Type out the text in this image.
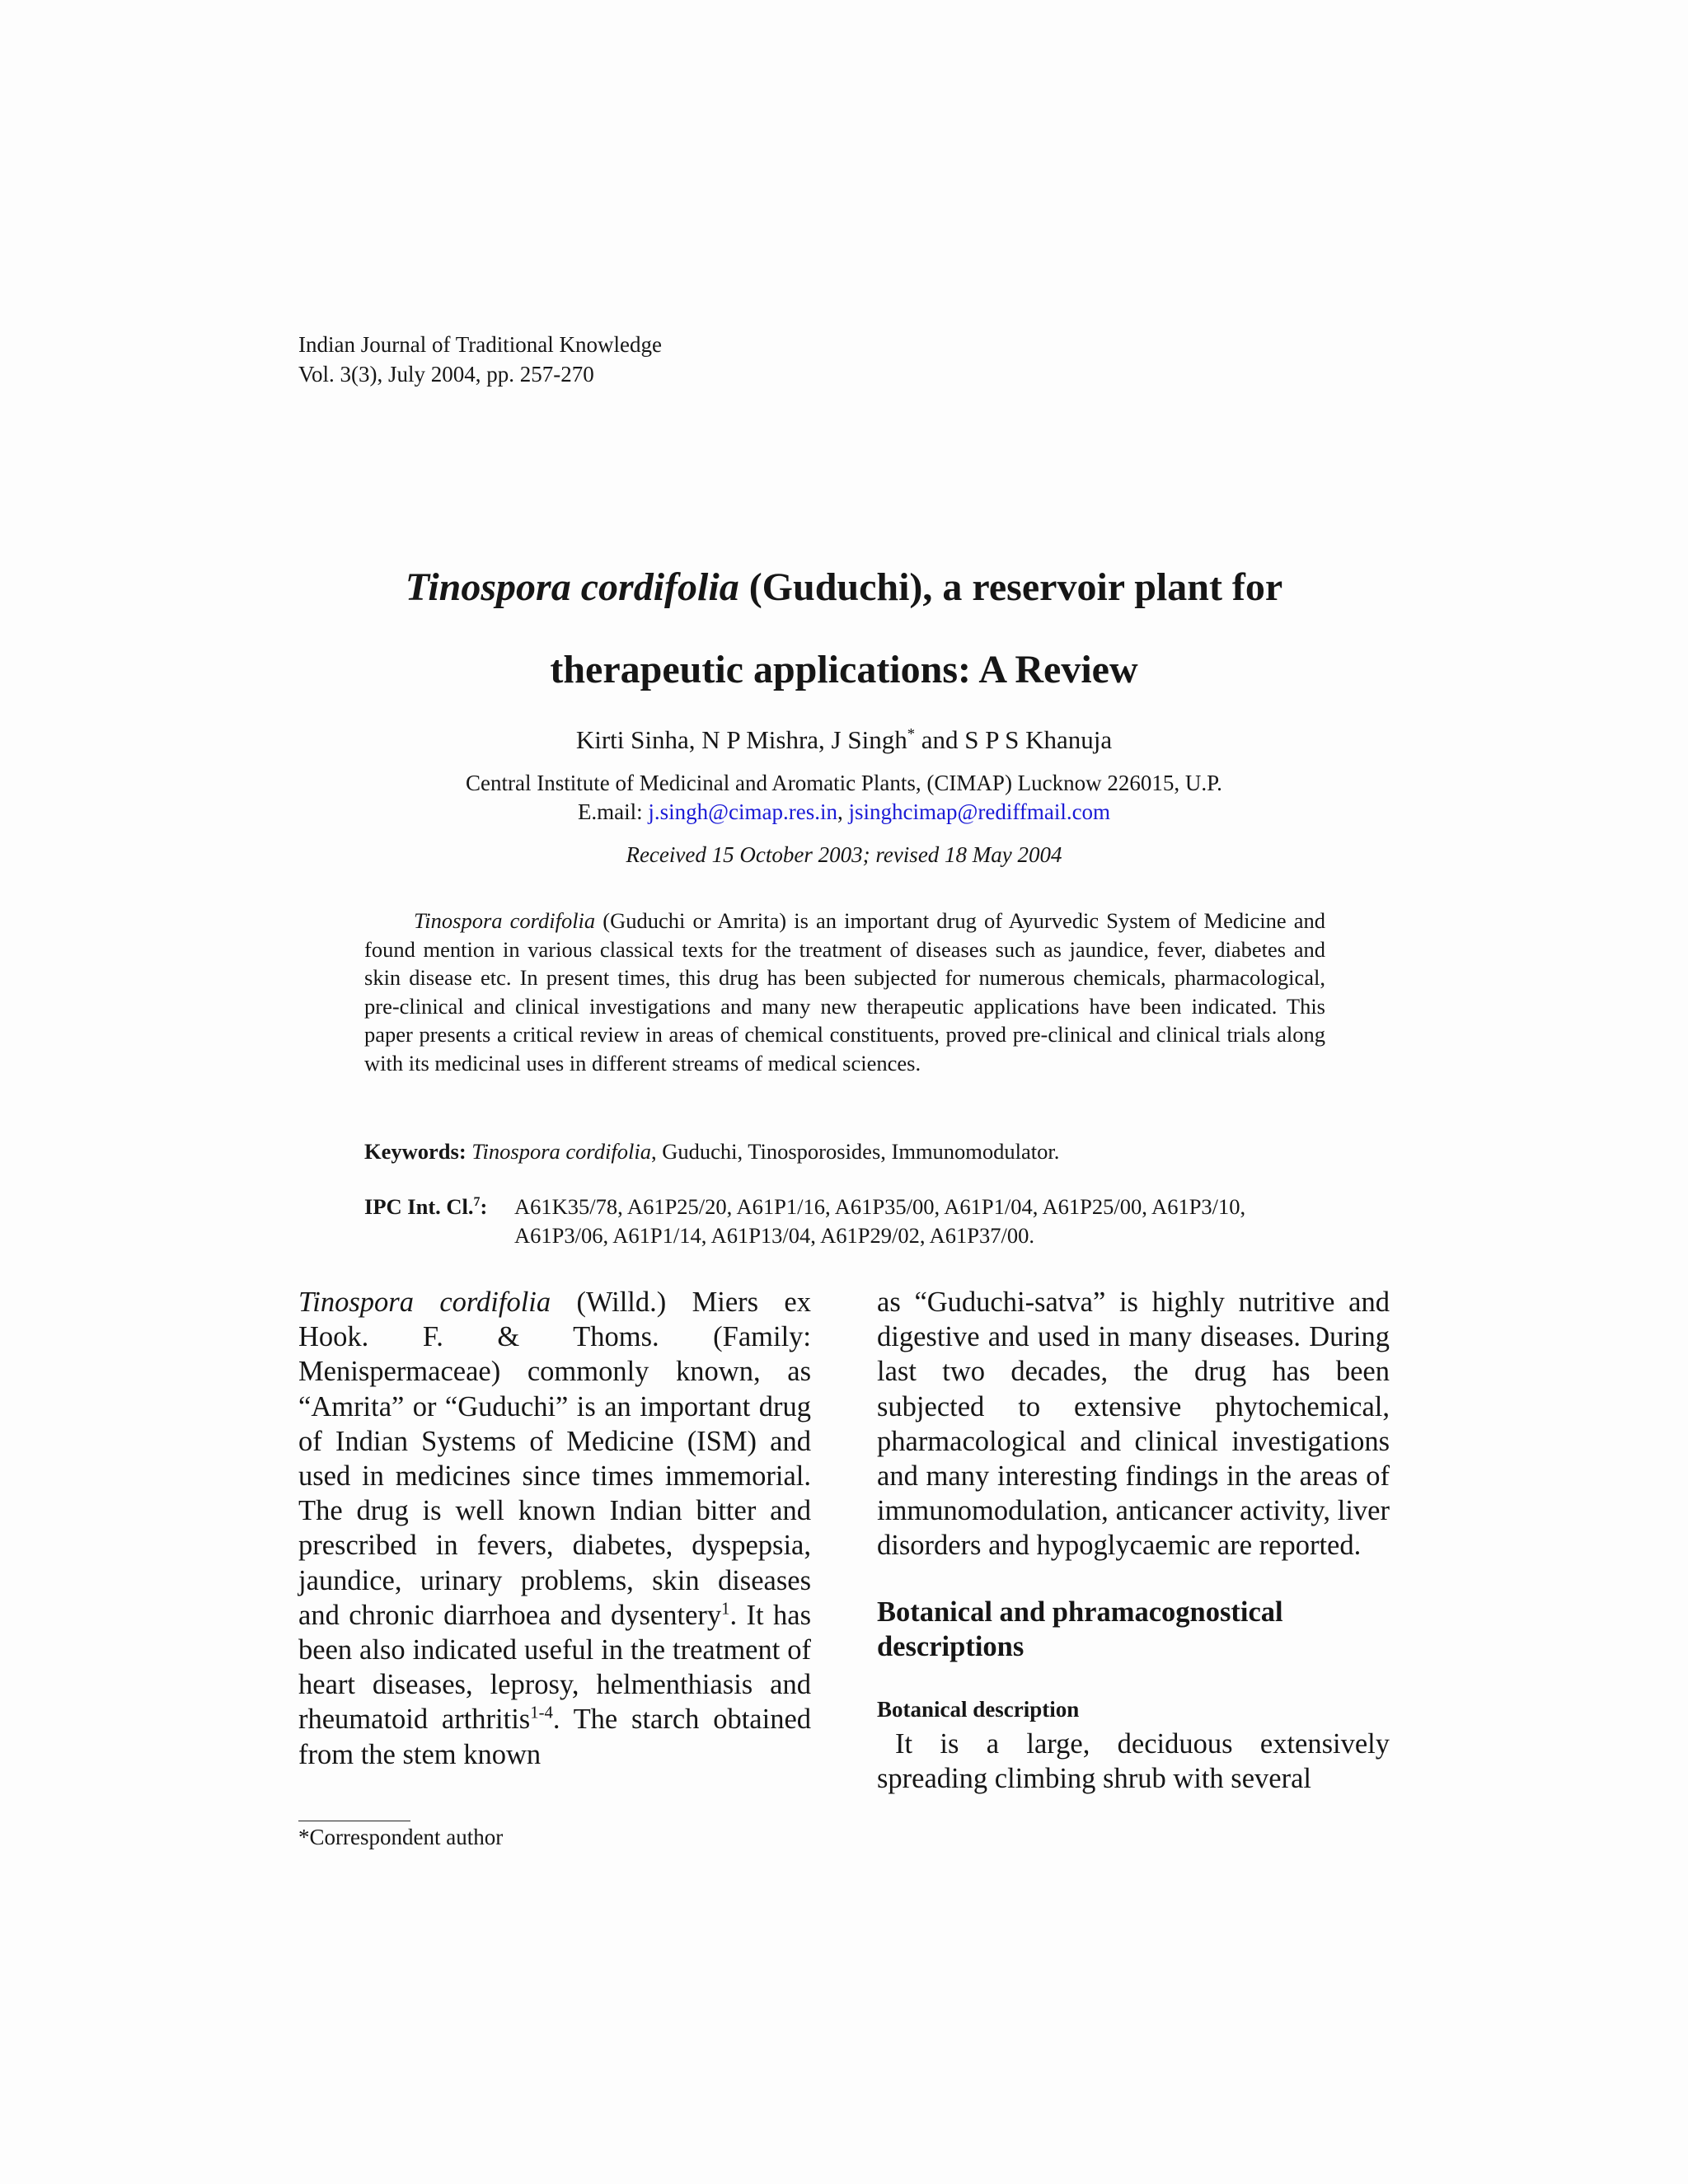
Indian Journal of Traditional Knowledge
Vol. 3(3), July 2004, pp. 257-270
Tinospora cordifolia (Guduchi), a reservoir plant for
therapeutic applications: A Review
Kirti Sinha, N P Mishra, J Singh* and S P S Khanuja
Central Institute of Medicinal and Aromatic Plants, (CIMAP) Lucknow 226015, U.P.
E.mail: j.singh@cimap.res.in, jsinghcimap@rediffmail.com
Received 15 October 2003; revised 18 May 2004
Tinospora cordifolia (Guduchi or Amrita) is an important drug of Ayurvedic System of Medicine and found mention in various classical texts for the treatment of diseases such as jaundice, fever, diabetes and skin disease etc. In present times, this drug has been subjected for numerous chemicals, pharmacological, pre-clinical and clinical investigations and many new therapeutic applications have been indicated. This paper presents a critical review in areas of chemical constituents, proved pre-clinical and clinical trials along with its medicinal uses in different streams of medical sciences.
Keywords: Tinospora cordifolia, Guduchi, Tinosporosides, Immunomodulator.
IPC Int. Cl.$^7$: A61K35/78, A61P25/20, A61P1/16, A61P35/00, A61P1/04, A61P25/00, A61P3/10,
A61P3/06, A61P1/14, A61P13/04, A61P29/02, A61P37/00.
Tinospora cordifolia (Willd.) Miers ex Hook. F. & Thoms. (Family: Menispermaceae) commonly known, as “Amrita” or “Guduchi” is an important drug of Indian Systems of Medicine (ISM) and used in medicines since times immemorial. The drug is well known Indian bitter and prescribed in fevers, diabetes, dyspepsia, jaundice, urinary problems, skin diseases and chronic diarrhoea and dysentery$^1$. It has been also indicated useful in the treatment of heart diseases, leprosy, helmenthiasis and rheumatoid arthritis$^{1-4}$. The starch obtained from the stem known
as “Guduchi-satva” is highly nutritive and digestive and used in many diseases. During last two decades, the drug has been subjected to extensive phytochemical, pharmacological and clinical investigations and many interesting findings in the areas of immunomodulation, anticancer activity, liver disorders and hypoglycaemic are reported.
Botanical and phramacognostical descriptions
Botanical description
It is a large, deciduous extensively spreading climbing shrub with several
*Correspondent author
